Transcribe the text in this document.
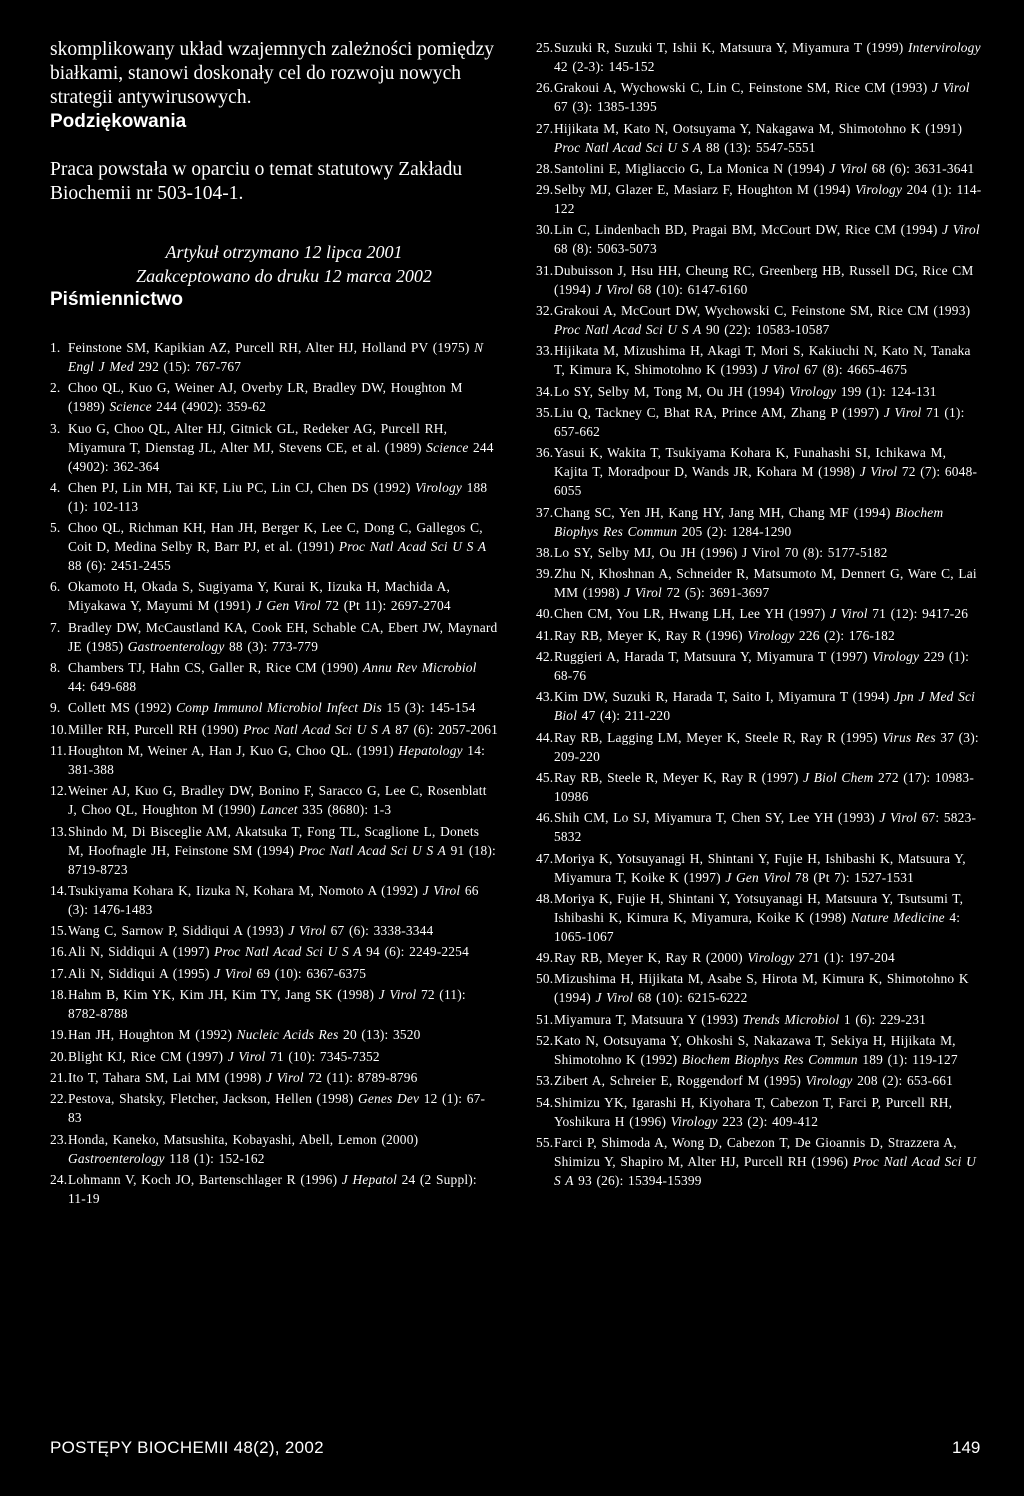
skomplikowany układ wzajemnych zależności pomiędzy białkami, stanowi doskonały cel do rozwoju nowych strategii antywirusowych.

Podziękowania

Praca powstała w oparciu o temat statutowy Zakładu Biochemii nr 503-104-1.

Artykuł otrzymano 12 lipca 2001

Zaakceptowano do druku 12 marca 2002

Piśmiennictwo
1. Feinstone SM, Kapikian AZ, Purcell RH, Alter HJ, Holland PV (1975) N Engl J Med 292 (15): 767-767
2. Choo QL, Kuo G, Weiner AJ, Overby LR, Bradley DW, Houghton M (1989) Science 244 (4902): 359-62
3. Kuo G, Choo QL, Alter HJ, Gitnick GL, Redeker AG, Purcell RH, Miyamura T, Dienstag JL, Alter MJ, Stevens CE, et al. (1989) Science 244 (4902): 362-364
4. Chen PJ, Lin MH, Tai KF, Liu PC, Lin CJ, Chen DS (1992) Virology 188 (1): 102-113
5. Choo QL, Richman KH, Han JH, Berger K, Lee C, Dong C, Gallegos C, Coit D, Medina Selby R, Barr PJ, et al. (1991) Proc Natl Acad Sci U S A 88 (6): 2451-2455
6. Okamoto H, Okada S, Sugiyama Y, Kurai K, Iizuka H, Machida A, Miyakawa Y, Mayumi M (1991) J Gen Virol 72 (Pt 11): 2697-2704
7. Bradley DW, McCaustland KA, Cook EH, Schable CA, Ebert JW, Maynard JE (1985) Gastroenterology 88 (3): 773-779
8. Chambers TJ, Hahn CS, Galler R, Rice CM (1990) Annu Rev Microbiol 44: 649-688
9. Collett MS (1992) Comp Immunol Microbiol Infect Dis 15 (3): 145-154
10. Miller RH, Purcell RH (1990) Proc Natl Acad Sci U S A 87 (6): 2057-2061
11. Houghton M, Weiner A, Han J, Kuo G, Choo QL. (1991) Hepatology 14: 381-388
12. Weiner AJ, Kuo G, Bradley DW, Bonino F, Saracco G, Lee C, Rosenblatt J, Choo QL, Houghton M (1990) Lancet 335 (8680): 1-3
13. Shindo M, Di Bisceglie AM, Akatsuka T, Fong TL, Scaglione L, Donets M, Hoofnagle JH, Feinstone SM (1994) Proc Natl Acad Sci U S A 91 (18): 8719-8723
14. Tsukiyama Kohara K, Iizuka N, Kohara M, Nomoto A (1992) J Virol 66 (3): 1476-1483
15. Wang C, Sarnow P, Siddiqui A (1993) J Virol 67 (6): 3338-3344
16. Ali N, Siddiqui A (1997) Proc Natl Acad Sci U S A 94 (6): 2249-2254
17. Ali N, Siddiqui A (1995) J Virol 69 (10): 6367-6375
18. Hahm B, Kim YK, Kim JH, Kim TY, Jang SK (1998) J Virol 72 (11): 8782-8788
19. Han JH, Houghton M (1992) Nucleic Acids Res 20 (13): 3520
20. Blight KJ, Rice CM (1997) J Virol 71 (10): 7345-7352
21. Ito T, Tahara SM, Lai MM (1998) J Virol 72 (11): 8789-8796
22. Pestova, Shatsky, Fletcher, Jackson, Hellen (1998) Genes Dev 12 (1): 67-83
23. Honda, Kaneko, Matsushita, Kobayashi, Abell, Lemon (2000) Gastroenterology 118 (1): 152-162
24. Lohmann V, Koch JO, Bartenschlager R (1996) J Hepatol 24 (2 Suppl): 11-19
25. Suzuki R, Suzuki T, Ishii K, Matsuura Y, Miyamura T (1999) Intervirology 42 (2-3): 145-152
26. Grakoui A, Wychowski C, Lin C, Feinstone SM, Rice CM (1993) J Virol 67 (3): 1385-1395
27. Hijikata M, Kato N, Ootsuyama Y, Nakagawa M, Shimotohno K (1991) Proc Natl Acad Sci U S A 88 (13): 5547-5551
28. Santolini E, Migliaccio G, La Monica N (1994) J Virol 68 (6): 3631-3641
29. Selby MJ, Glazer E, Masiarz F, Houghton M (1994) Virology 204 (1): 114-122
30. Lin C, Lindenbach BD, Pragai BM, McCourt DW, Rice CM (1994) J Virol 68 (8): 5063-5073
31. Dubuisson J, Hsu HH, Cheung RC, Greenberg HB, Russell DG, Rice CM (1994) J Virol 68 (10): 6147-6160
32. Grakoui A, McCourt DW, Wychowski C, Feinstone SM, Rice CM (1993) Proc Natl Acad Sci U S A 90 (22): 10583-10587
33. Hijikata M, Mizushima H, Akagi T, Mori S, Kakiuchi N, Kato N, Tanaka T, Kimura K, Shimotohno K (1993) J Virol 67 (8): 4665-4675
34. Lo SY, Selby M, Tong M, Ou JH (1994) Virology 199 (1): 124-131
35. Liu Q, Tackney C, Bhat RA, Prince AM, Zhang P (1997) J Virol 71 (1): 657-662
36. Yasui K, Wakita T, Tsukiyama Kohara K, Funahashi SI, Ichikawa M, Kajita T, Moradpour D, Wands JR, Kohara M (1998) J Virol 72 (7): 6048-6055
37. Chang SC, Yen JH, Kang HY, Jang MH, Chang MF (1994) Biochem Biophys Res Commun 205 (2): 1284-1290
38. Lo SY, Selby MJ, Ou JH (1996) J Virol 70 (8): 5177-5182
39. Zhu N, Khoshnan A, Schneider R, Matsumoto M, Dennert G, Ware C, Lai MM (1998) J Virol 72 (5): 3691-3697
40. Chen CM, You LR, Hwang LH, Lee YH (1997) J Virol 71 (12): 9417-26
41. Ray RB, Meyer K, Ray R (1996) Virology 226 (2): 176-182
42. Ruggieri A, Harada T, Matsuura Y, Miyamura T (1997) Virology 229 (1): 68-76
43. Kim DW, Suzuki R, Harada T, Saito I, Miyamura T (1994) Jpn J Med Sci Biol 47 (4): 211-220
44. Ray RB, Lagging LM, Meyer K, Steele R, Ray R (1995) Virus Res 37 (3): 209-220
45. Ray RB, Steele R, Meyer K, Ray R (1997) J Biol Chem 272 (17): 10983-10986
46. Shih CM, Lo SJ, Miyamura T, Chen SY, Lee YH (1993) J Virol 67: 5823-5832
47. Moriya K, Yotsuyanagi H, Shintani Y, Fujie H, Ishibashi K, Matsuura Y, Miyamura T, Koike K (1997) J Gen Virol 78 (Pt 7): 1527-1531
48. Moriya K, Fujie H, Shintani Y, Yotsuyanagi H, Matsuura Y, Tsutsumi T, Ishibashi K, Kimura K, Miyamura, Koike K (1998) Nature Medicine 4: 1065-1067
49. Ray RB, Meyer K, Ray R (2000) Virology 271 (1): 197-204
50. Mizushima H, Hijikata M, Asabe S, Hirota M, Kimura K, Shimotohno K (1994) J Virol 68 (10): 6215-6222
51. Miyamura T, Matsuura Y (1993) Trends Microbiol 1 (6): 229-231
52. Kato N, Ootsuyama Y, Ohkoshi S, Nakazawa T, Sekiya H, Hijikata M, Shimotohno K (1992) Biochem Biophys Res Commun 189 (1): 119-127
53. Zibert A, Schreier E, Roggendorf M (1995) Virology 208 (2): 653-661
54. Shimizu YK, Igarashi H, Kiyohara T, Cabezon T, Farci P, Purcell RH, Yoshikura H (1996) Virology 223 (2): 409-412
55. Farci P, Shimoda A, Wong D, Cabezon T, De Gioannis D, Strazzera A, Shimizu Y, Shapiro M, Alter HJ, Purcell RH (1996) Proc Natl Acad Sci U S A 93 (26): 15394-15399
POSTĘPY BIOCHEMII 48(2), 2002	149
